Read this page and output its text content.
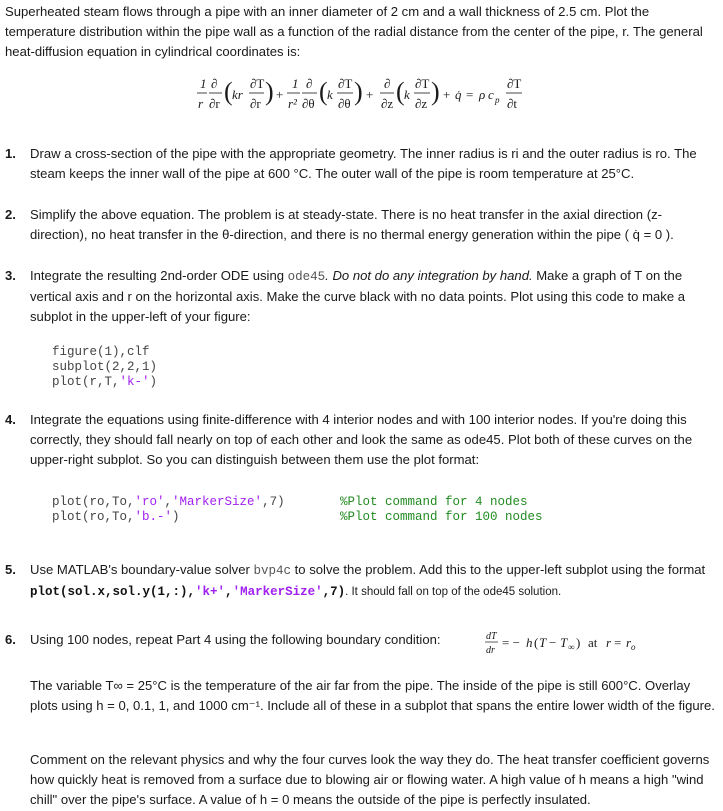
Superheated steam flows through a pipe with an inner diameter of 2 cm and a wall thickness of 2.5 cm. Plot the temperature distribution within the pipe wall as a function of the radial distance from the center of the pipe, r. The general heat-diffusion equation in cylindrical coordinates is:
1
r
∂
∂r ( kr
∂T
∂r ) +
1
r²
∂
∂θ ( k
∂T
∂θ ) +
∂
∂z ( k
∂T
∂z ) + q̇ = ρ c p
∂T
∂t
1.	Draw a cross-section of the pipe with the appropriate geometry. The inner radius is ri and the outer radius is ro. The steam keeps the inner wall of the pipe at 600 °C. The outer wall of the pipe is room temperature at 25°C.
2.	Simplify the above equation. The problem is at steady-state. There is no heat transfer in the axial direction (z-direction), no heat transfer in the θ-direction, and there is no thermal energy generation within the pipe ( q̇ = 0 ).
3.	Integrate the resulting 2nd-order ODE using ode45. Do not do any integration by hand. Make a graph of T on the vertical axis and r on the horizontal axis. Make the curve black with no data points. Plot using this code to make a subplot in the upper-left of your figure:
figure(1),clf
subplot(2,2,1)
plot(r,T,'k-')
4.	Integrate the equations using finite-difference with 4 interior nodes and with 100 interior nodes. If you're doing this correctly, they should fall nearly on top of each other and look the same as ode45. Plot both of these curves on the upper-right subplot. So you can distinguish between them use the plot format:
plot(ro,To,'ro','MarkerSize',7)
plot(ro,To,'b.-')
%Plot command for 4 nodes
%Plot command for 100 nodes
5.	Use MATLAB's boundary-value solver bvp4c to solve the problem. Add this to the upper-left subplot using the format plot(sol.x,sol.y(1,:),'k+','MarkerSize',7). It should fall on top of the ode45 solution.
6.	Using 100 nodes, repeat Part 4 using the following boundary condition:	dT
dr
= − h ( T − T ∞ ) at r = r o
The variable T∞ = 25°C is the temperature of the air far from the pipe. The inside of the pipe is still 600°C. Overlay plots using h = 0, 0.1, 1, and 1000 cm⁻¹. Include all of these in a subplot that spans the entire lower width of the figure.
Comment on the relevant physics and why the four curves look the way they do. The heat transfer coefficient governs how quickly heat is removed from a surface due to blowing air or flowing water. A high value of h means a high "wind chill" over the pipe's surface. A value of h = 0 means the outside of the pipe is perfectly insulated.
